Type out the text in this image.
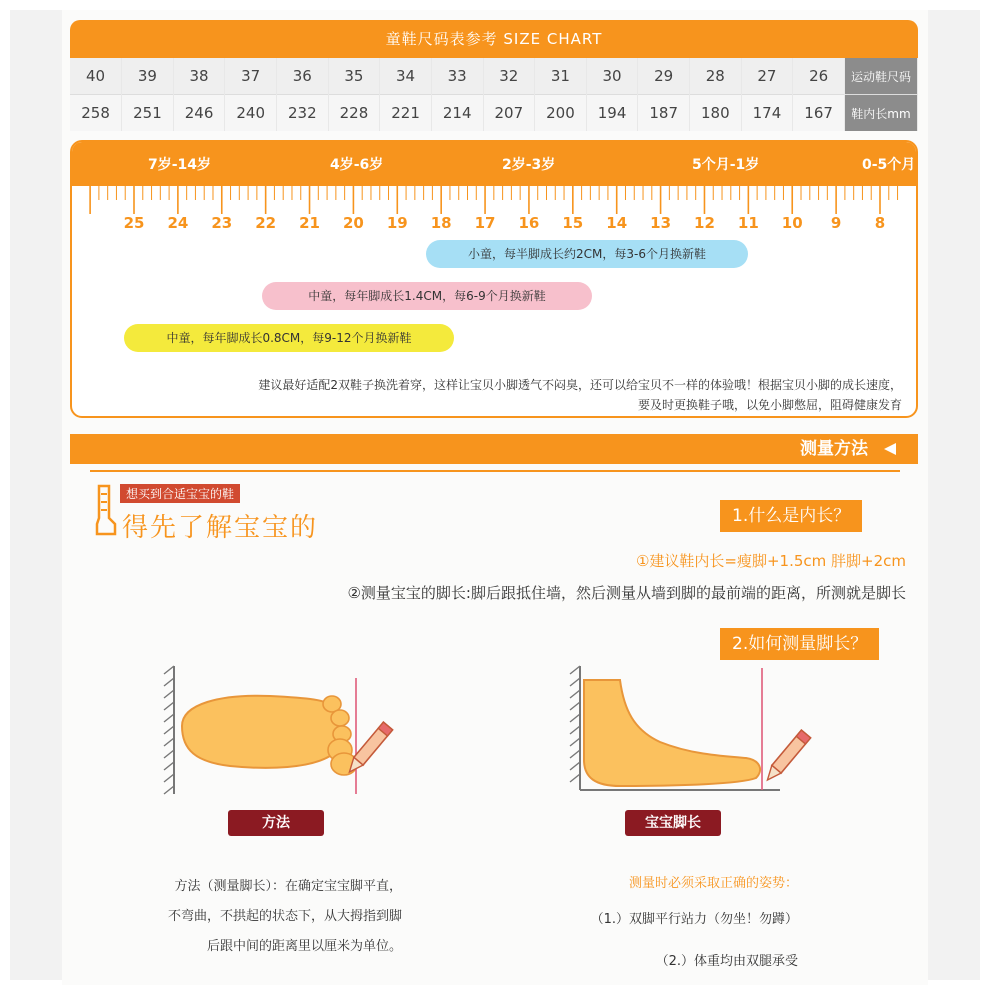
童鞋尺码表参考 SIZE CHART
40	39	38	37	36	35	34	33	32	31	30	29	28	27	26	运动鞋尺码
258	251	246	240	232	228	221	214	207	200	194	187	180	174	167	鞋内长mm
0-5个月
5个月-1岁
2岁-3岁
4岁-6岁
7岁-14岁
8
9
10
11
12
13
14
15
16
17
18
19
20
21
22
23
24
25
小童，每半脚成长约2CM，每3-6个月换新鞋
中童，每年脚成长1.4CM，每6-9个月换新鞋
中童，每年脚成长0.8CM，每9-12个月换新鞋
建议最好适配2双鞋子换洗着穿，这样让宝贝小脚透气不闷臭，还可以给宝贝不一样的体验哦！根据宝贝小脚的成长速度，
要及时更换鞋子哦，以免小脚憋屈，阻碍健康发育
测量方法
想买到合适宝宝的鞋
得先了解宝宝的	1.什么是内长？
①建议鞋内长=瘦脚+1.5cm 胖脚+2cm
②测量宝宝的脚长:脚后跟抵住墙，然后测量从墙到脚的最前端的距离，所测就是脚长
2.如何测量脚长？
方法	宝宝脚长
方法（测量脚长）：在确定宝宝脚平直，
不弯曲，不拱起的状态下，从大拇指到脚
后跟中间的距离里以厘米为单位。
测量时必须采取正确的姿势：
（1.）双脚平行站力（勿坐！勿蹲）
（2.）体重均由双腿承受
